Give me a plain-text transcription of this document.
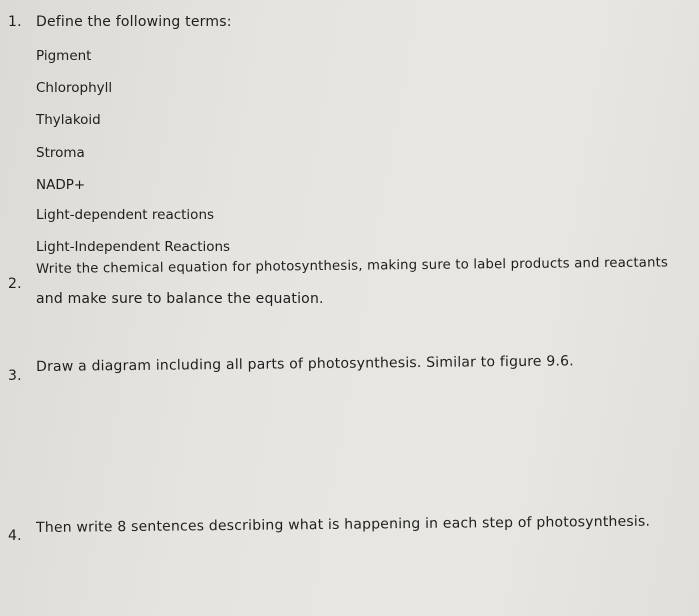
1. Define the following terms:
Pigment
Chlorophyll
Thylakoid
Stroma
NADP+
Light-dependent reactions
Light-Independent Reactions
2.
Write the chemical equation for photosynthesis, making sure to label products and reactants
and make sure to balance the equation.
3.
Draw a diagram including all parts of photosynthesis. Similar to figure 9.6.
4.
Then write 8 sentences describing what is happening in each step of photosynthesis.
